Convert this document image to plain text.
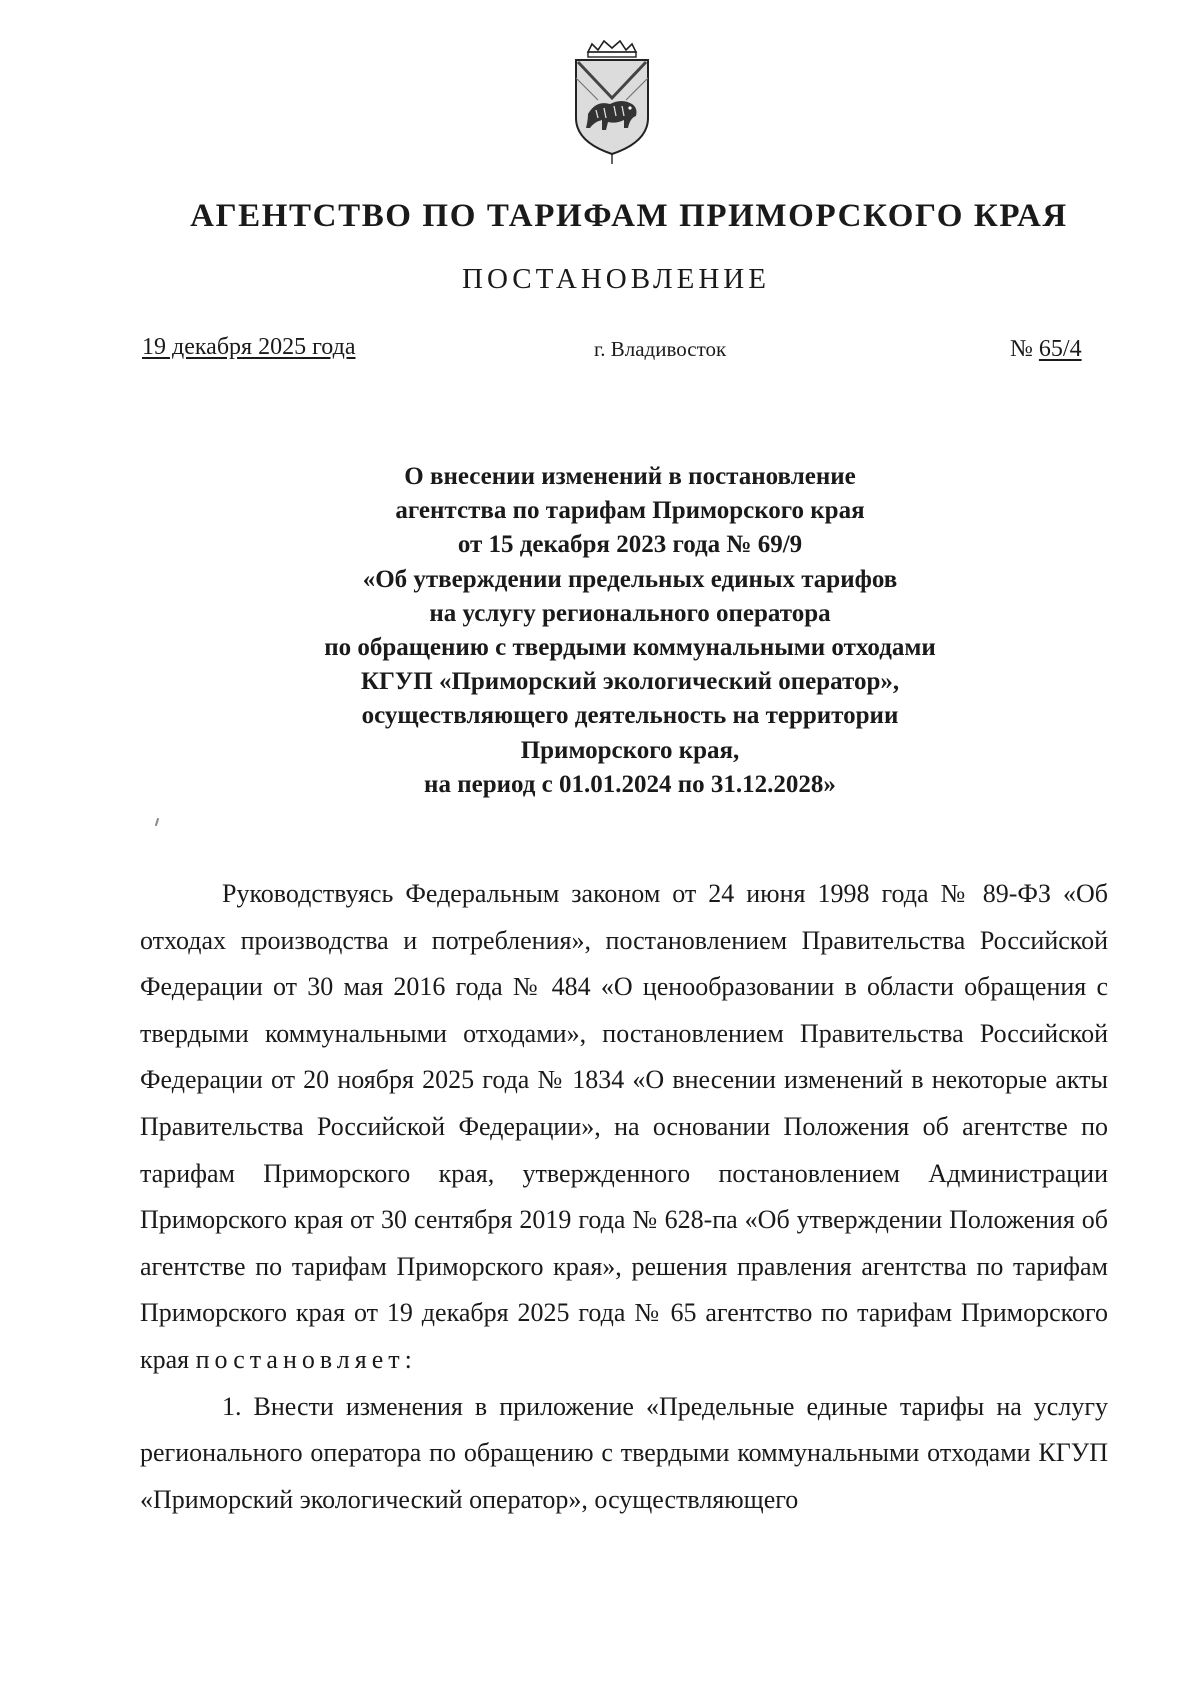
АГЕНТСТВО ПО ТАРИФАМ ПРИМОРСКОГО КРАЯ
ПОСТАНОВЛЕНИЕ
19 декабря 2025 года	г. Владивосток	№ 65/4
О внесении изменений в постановление
агентства по тарифам Приморского края
от 15 декабря 2023 года № 69/9
«Об утверждении предельных единых тарифов
на услугу регионального оператора
по обращению с твердыми коммунальными отходами
КГУП «Приморский экологический оператор»,
осуществляющего деятельность на территории
Приморского края,
на период с 01.01.2024 по 31.12.2028»

Руководствуясь Федеральным законом от 24 июня 1998 года № 89-ФЗ «Об отходах производства и потребления», постановлением Правительства Российской Федерации от 30 мая 2016 года № 484 «О ценообразовании в области обращения с твердыми коммунальными отходами», постановлением Правительства Российской Федерации от 20 ноября 2025 года № 1834 «О внесении изменений в некоторые акты Правительства Российской Федерации», на основании Положения об агентстве по тарифам Приморского края, утвержденного постановлением Администрации Приморского края от 30 сентября 2019 года № 628-па «Об утверждении Положения об агентстве по тарифам Приморского края», решения правления агентства по тарифам Приморского края от 19 декабря 2025 года № 65 агентство по тарифам Приморского края постановляет:

1. Внести изменения в приложение «Предельные единые тарифы на услугу регионального оператора по обращению с твердыми коммунальными отходами КГУП «Приморский экологический оператор», осуществляющего
